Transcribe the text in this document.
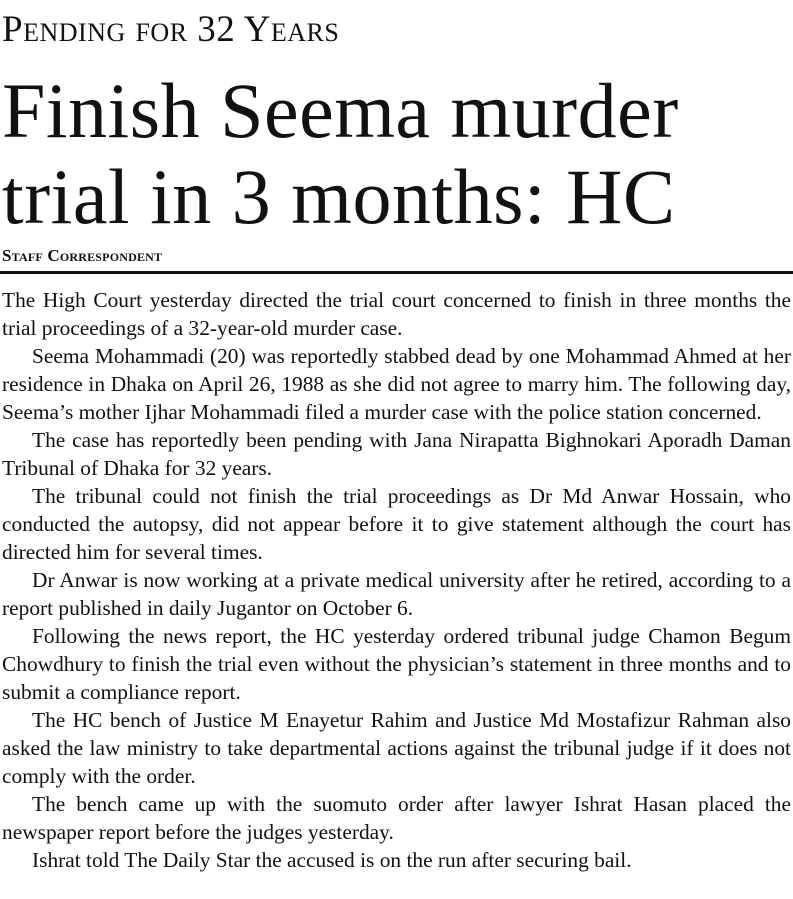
Pending for 32 Years
Finish Seema murder
trial in 3 months: HC
Staff Correspondent

The High Court yesterday directed the trial court concerned to finish in three months the trial proceedings of a 32-year-old murder case.

Seema Mohammadi (20) was reportedly stabbed dead by one Mohammad Ahmed at her residence in Dhaka on April 26, 1988 as she did not agree to marry him. The following day, Seema’s mother Ijhar Mohammadi filed a murder case with the police station concerned.

The case has reportedly been pending with Jana Nirapatta Bighnokari Aporadh Daman Tribunal of Dhaka for 32 years.

The tribunal could not finish the trial proceedings as Dr Md Anwar Hossain, who conducted the autopsy, did not appear before it to give statement although the court has directed him for several times.

Dr Anwar is now working at a private medical university after he retired, according to a report published in daily Jugantor on October 6.

Following the news report, the HC yesterday ordered tribunal judge Chamon Begum Chowdhury to finish the trial even without the physician’s statement in three months and to submit a compliance report.

The HC bench of Justice M Enayetur Rahim and Justice Md Mostafizur Rahman also asked the law ministry to take departmental actions against the tribunal judge if it does not comply with the order.

The bench came up with the suomuto order after lawyer Ishrat Hasan placed the newspaper report before the judges yesterday.

Ishrat told The Daily Star the accused is on the run after securing bail.
